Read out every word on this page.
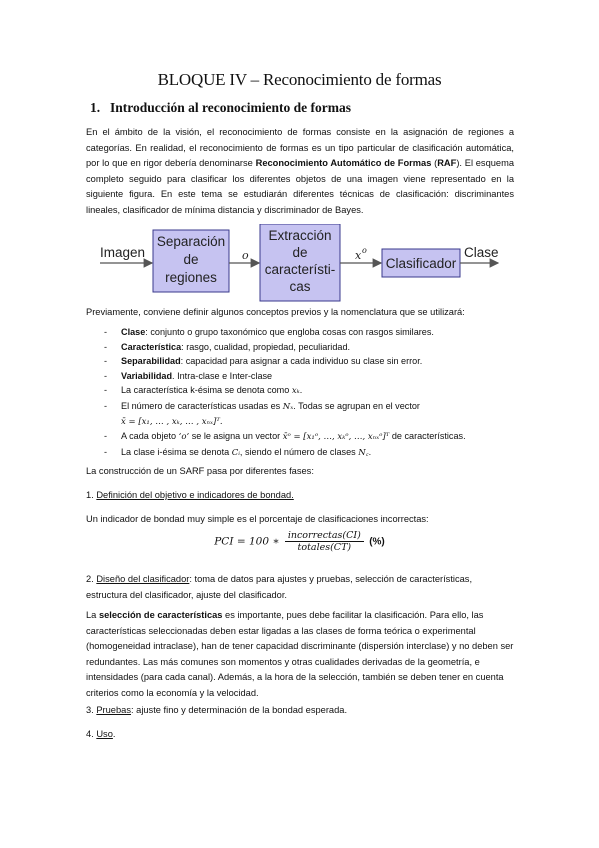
BLOQUE IV – Reconocimiento de formas
1. Introducción al reconocimiento de formas
En el ámbito de la visión, el reconocimiento de formas consiste en la asignación de regiones a categorías. En realidad, el reconocimiento de formas es un tipo particular de clasificación automática, por lo que en rigor debería denominarse Reconocimiento Automático de Formas (RAF). El esquema completo seguido para clasificar los diferentes objetos de una imagen viene representado en la siguiente figura. En este tema se estudiarán diferentes técnicas de clasificación: discriminantes lineales, clasificador de mínima distancia y discriminador de Bayes.
Imagen
Separación
de
regiones
o
Extracción
de
característi-
cas
x o
Clasificador
Clase
Previamente, conviene definir algunos conceptos previos y la nomenclatura que se utilizará:
- Clase: conjunto o grupo taxonómico que engloba cosas con rasgos similares.
- Característica: rasgo, cualidad, propiedad, peculiaridad.
- Separabilidad: capacidad para asignar a cada individuo su clase sin error.
- Variabilidad. Intra-clase e Inter-clase
- La característica k-ésima se denota como xₖ.
- El número de características usadas es Nₓ. Todas se agrupan en el vector
x̄ = [x₁, … , xₖ, … , xₙₓ]ᵀ.
- A cada objeto ‘o’ se le asigna un vector x̄ᵒ = [x₁ᵒ, …, xₖᵒ, …, xₙₓᵒ]ᵀ de características.
- La clase i-ésima se denota Cᵢ, siendo el número de clases N꜀.
La construcción de un SARF pasa por diferentes fases:
1. Definición del objetivo e indicadores de bondad.
Un indicador de bondad muy simple es el porcentaje de clasificaciones incorrectas:
PCI = 100 ∗ $\frac{\text{incorrectas(CI)}}{\text{totales(CT)}}$ (%)
2. Diseño del clasificador: toma de datos para ajustes y pruebas, selección de características, estructura del clasificador, ajuste del clasificador.
La selección de características es importante, pues debe facilitar la clasificación. Para ello, las características seleccionadas deben estar ligadas a las clases de forma teórica o experimental (homogeneidad intraclase), han de tener capacidad discriminante (dispersión interclase) y no deben ser redundantes. Las más comunes son momentos y otras cualidades derivadas de la geometría, e intensidades (para cada canal). Además, a la hora de la selección, también se deben tener en cuenta criterios como la economía y la velocidad.
3. Pruebas: ajuste fino y determinación de la bondad esperada.
4. Uso.
